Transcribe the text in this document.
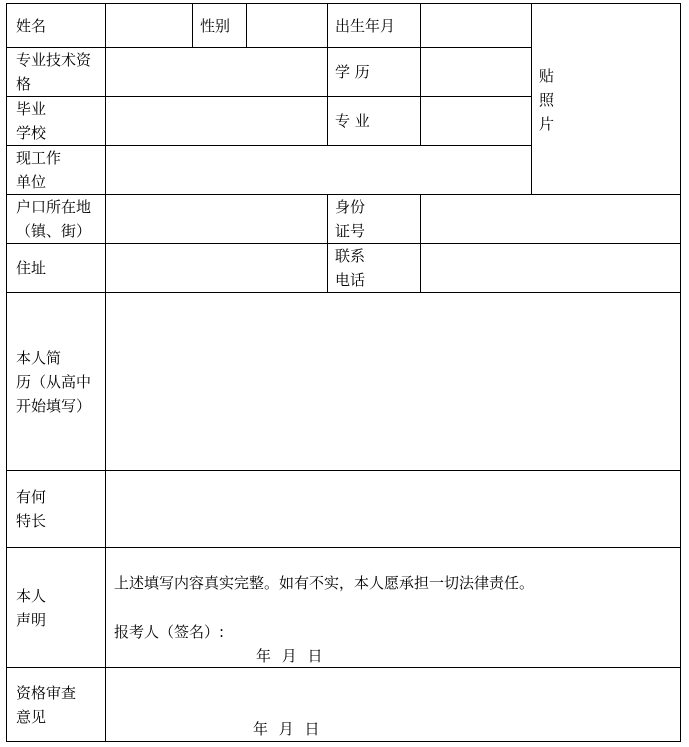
姓名	性别	出生年月
贴
照
片
专业技术资
格
学 历
毕业
学校
专 业
现工作
单位
户口所在地
（镇、街）
身份
证号
住址
联系
电话
本人简
历（从高中
开始填写）
有何
特长
本人
声明
上述填写内容真实完整。如有不实，本人愿承担一切法律责任。
报考人（签名）:
年 月 日
资格审查
意见
年 月 日
